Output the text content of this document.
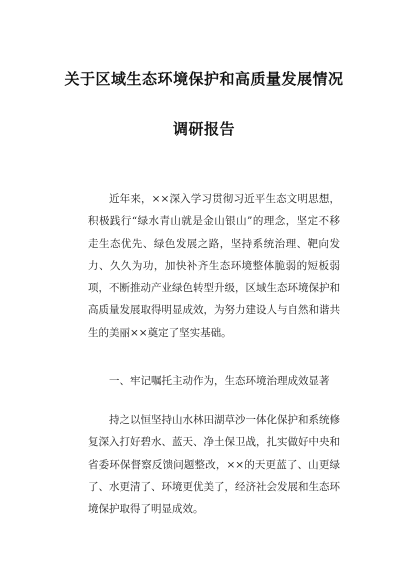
关于区域生态环境保护和高质量发展情况
调研报告
近年来，××深入学习贯彻习近平生态文明思想，积极践行“绿水青山就是金山银山”的理念，坚定不移走生态优先、绿色发展之路，坚持系统治理、靶向发力、久久为功，加快补齐生态环境整体脆弱的短板弱项，不断推动产业绿色转型升级，区域生态环境保护和高质量发展取得明显成效，为努力建设人与自然和谐共生的美丽××奠定了坚实基础。
一、牢记嘱托主动作为，生态环境治理成效显著
持之以恒坚持山水林田湖草沙一体化保护和系统修复深入打好碧水、蓝天、净土保卫战，扎实做好中央和省委环保督察反馈问题整改，××的天更蓝了、山更绿了、水更清了、环境更优美了，经济社会发展和生态环境保护取得了明显成效。
